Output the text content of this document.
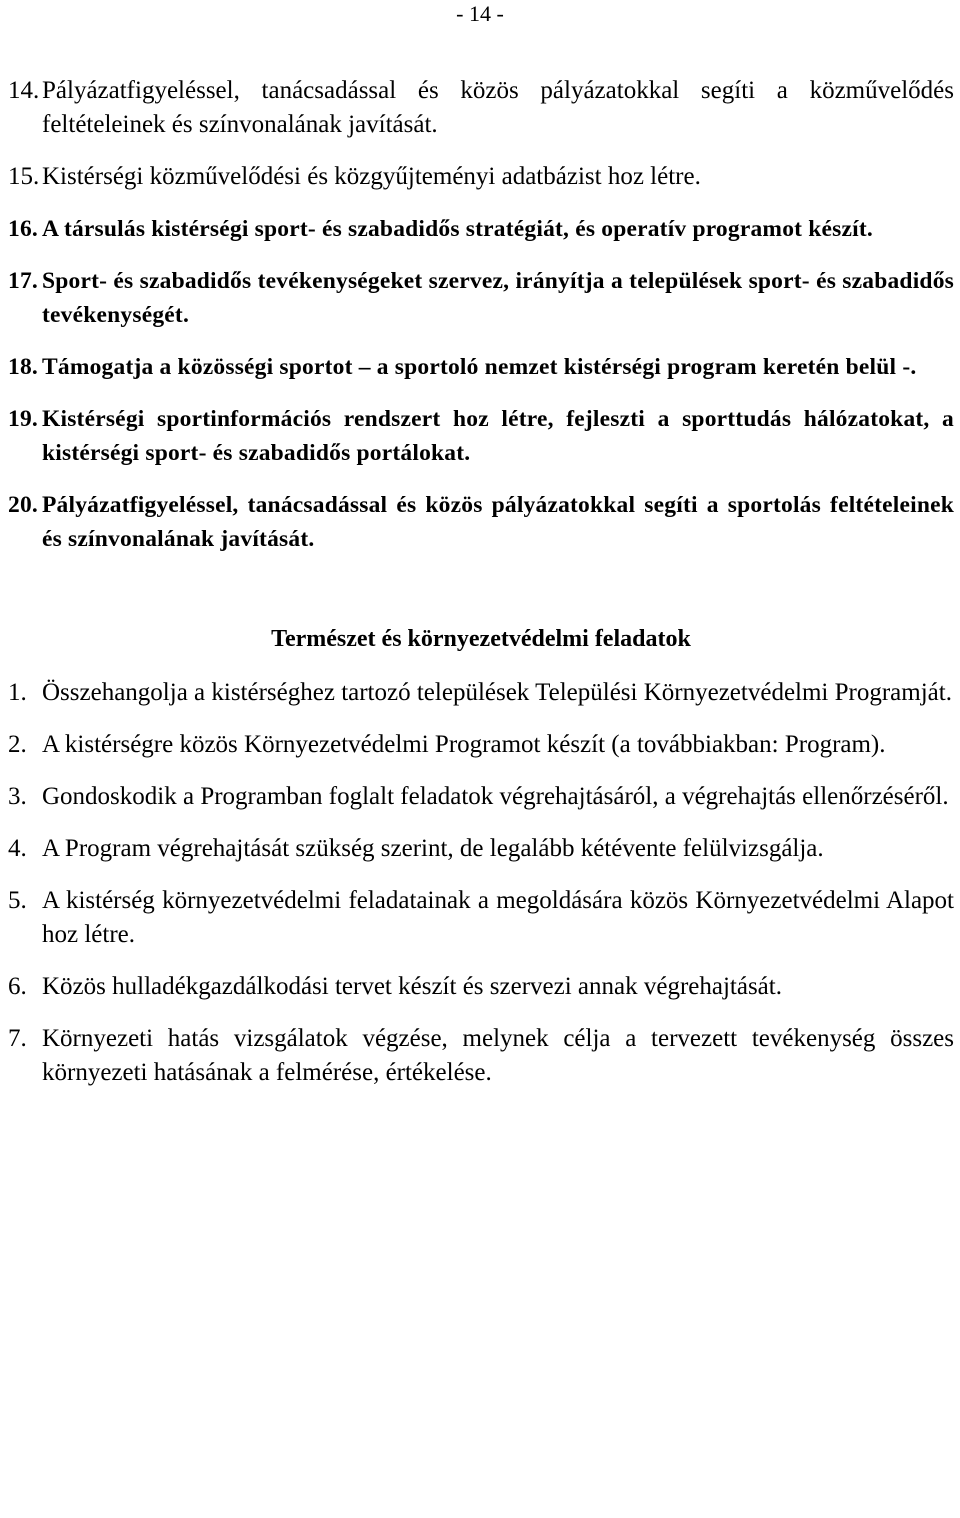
- 14 -
14. Pályázatfigyeléssel, tanácsadással és közös pályázatokkal segíti a közművelődés feltételeinek és színvonalának javítását.
15. Kistérségi közművelődési és közgyűjteményi adatbázist hoz létre.
16. A társulás kistérségi sport- és szabadidős stratégiát, és operatív programot készít.
17. Sport- és szabadidős tevékenységeket szervez, irányítja a települések sport- és szabadidős tevékenységét.
18. Támogatja a közösségi sportot – a sportoló nemzet kistérségi program keretén belül -.
19. Kistérségi sportinformációs rendszert hoz létre, fejleszti a sporttudás hálózatokat, a kistérségi sport- és szabadidős portálokat.
20. Pályázatfigyeléssel, tanácsadással és közös pályázatokkal segíti a sportolás feltételeinek és színvonalának javítását.
Természet és környezetvédelmi feladatok
1. Összehangolja a kistérséghez tartozó települések Települési Környezetvédelmi Programját.
2. A kistérségre közös Környezetvédelmi Programot készít (a továbbiakban: Program).
3. Gondoskodik a Programban foglalt feladatok végrehajtásáról, a végrehajtás ellenőrzéséről.
4. A Program végrehajtását szükség szerint, de legalább kétévente felülvizsgálja.
5. A kistérség környezetvédelmi feladatainak a megoldására közös Környezetvédelmi Alapot hoz létre.
6. Közös hulladékgazdálkodási tervet készít és szervezi annak végrehajtását.
7. Környezeti hatás vizsgálatok végzése, melynek célja a tervezett tevékenység összes környezeti hatásának a felmérése, értékelése.
